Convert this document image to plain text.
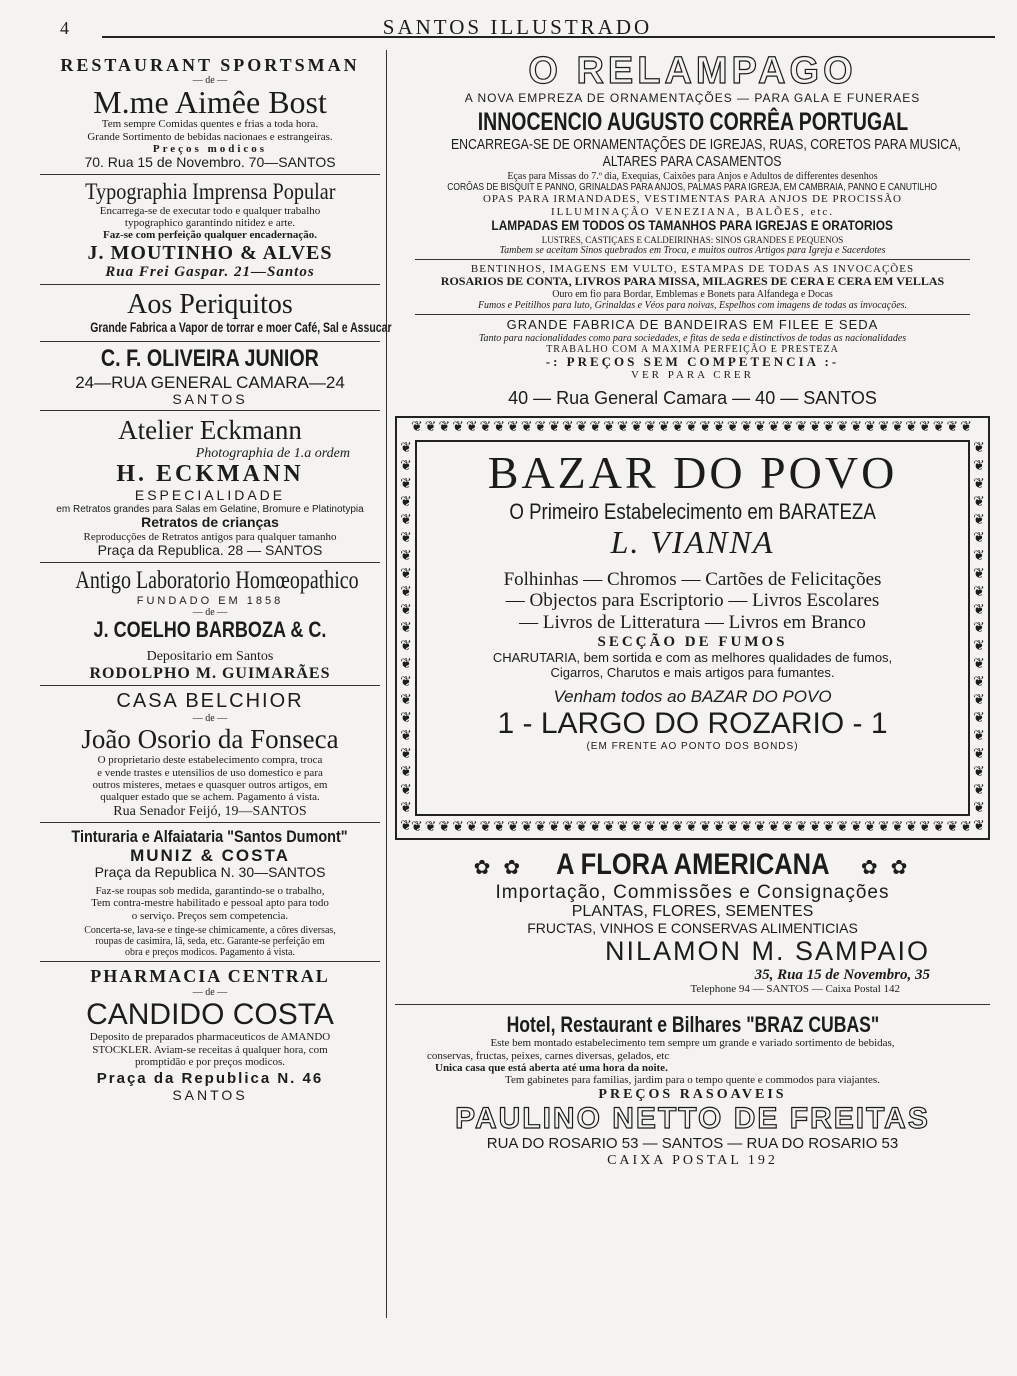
4	SANTOS ILLUSTRADO
RESTAURANT SPORTSMAN
— de —
M.me Aimêe Bost
Tem sempre Comidas quentes e frias a toda hora.
Grande Sortimento de bebidas nacionaes e estrangeiras.
Preços modicos
70. Rua 15 de Novembro. 70—SANTOS
Typographia Imprensa Popular
Encarrega-se de executar todo e qualquer trabalho
typographico garantindo nitidez e arte.
Faz-se com perfeição qualquer encadernação.
J. MOUTINHO & ALVES
Rua Frei Gaspar. 21—Santos
Aos Periquitos
Grande Fabrica a Vapor de torrar e moer Café, Sal e Assucar
C. F. OLIVEIRA JUNIOR
24—RUA GENERAL CAMARA—24
SANTOS
Atelier Eckmann
Photographia de 1.a ordem
H. ECKMANN
ESPECIALIDADE
em Retratos grandes para Salas em Gelatine, Bromure e Platinotypia
Retratos de crianças
Reproducções de Retratos antigos para qualquer tamanho
Praça da Republica. 28 — SANTOS
Antigo Laboratorio Homœopathico
FUNDADO EM 1858
— de —
J. COELHO BARBOZA & C.
Depositario em Santos
RODOLPHO M. GUIMARÃES
CASA BELCHIOR
— de —
João Osorio da Fonseca
O proprietario deste estabelecimento compra, troca
e vende trastes e utensilios de uso domestico e para
outros misteres, metaes e quasquer outros artigos, em
qualquer estado que se achem. Pagamento á vista.
Rua Senador Feijó, 19—SANTOS
Tinturaria e Alfaiataria "Santos Dumont"
MUNIZ & COSTA
Praça da Republica N. 30—SANTOS
Faz-se roupas sob medida, garantindo-se o trabalho,
Tem contra-mestre habilitado e pessoal apto para todo
o serviço. Preços sem competencia.
Concerta-se, lava-se e tinge-se chimicamente, a côres diversas,
roupas de casimira, lã, seda, etc. Garante-se perfeição em
obra e preços modicos. Pagamento á vista.
PHARMACIA CENTRAL
— de —
CANDIDO COSTA
Deposito de preparados pharmaceuticos de AMANDO
STOCKLER. Aviam-se receitas á qualquer hora, com
promptidão e por preços modicos.
Praça da Republica N. 46
SANTOS
O RELAMPAGO
A NOVA EMPREZA DE ORNAMENTAÇÕES — PARA GALA E FUNERAES
INNOCENCIO AUGUSTO CORRÊA PORTUGAL
ENCARREGA-SE DE ORNAMENTAÇÕES DE IGREJAS, RUAS, CORETOS PARA MUSICA,
ALTARES PARA CASAMENTOS
Eças para Missas do 7.º dia, Exequias, Caixões para Anjos e Adultos de differentes desenhos
CORÔAS DE BISQUIT E PANNO, GRINALDAS PARA ANJOS, PALMAS PARA IGREJA, EM CAMBRAIA, PANNO E CANUTILHO
OPAS PARA IRMANDADES, VESTIMENTAS PARA ANJOS DE PROCISSÃO
ILLUMINAÇÃO VENEZIANA, BALÕES, etc.
LAMPADAS EM TODOS OS TAMANHOS PARA IGREJAS E ORATORIOS
LUSTRES, CASTIÇAES E CALDEIRINHAS: SINOS GRANDES E PEQUENOS
Tambem se aceitam Sinos quebrados em Troca, e muitos outros Artigos para Igreja e Sacerdotes
BENTINHOS, IMAGENS EM VULTO, ESTAMPAS DE TODAS AS INVOCAÇÕES
ROSARIOS DE CONTA, LIVROS PARA MISSA, MILAGRES DE CERA E CERA EM VELLAS
Ouro em fio para Bordar, Emblemas e Bonets para Alfandega e Docas
Fumos e Peitilhos para luto, Grinaldas e Véos para noivas, Espelhos com imagens de todas as invocações.
GRANDE FABRICA DE BANDEIRAS EM FILEE E SEDA
Tanto para nacionalidades como para sociedades, e fitas de seda e distinctivos de todas as nacionalidades
TRABALHO COM A MAXIMA PERFEIÇÃO E PRESTEZA
-: PREÇOS SEM COMPETENCIA :-
VER PARA CRER
40 — Rua General Camara — 40 — SANTOS
❦❦❦❦❦❦❦❦❦❦❦❦❦❦❦❦❦❦❦❦❦❦❦❦❦❦❦❦❦❦❦❦❦❦❦❦❦❦❦❦❦
❦❦❦❦❦❦❦❦❦❦❦❦❦❦❦❦❦❦❦❦❦❦❦❦❦❦❦❦❦❦❦❦❦❦❦❦❦❦❦❦❦
❦❦❦❦❦❦❦❦❦❦❦❦❦❦❦❦❦❦❦❦❦❦
❦❦❦❦❦❦❦❦❦❦❦❦❦❦❦❦❦❦❦❦❦❦
BAZAR DO POVO
O Primeiro Estabelecimento em BARATEZA
L. VIANNA
Folhinhas — Chromos — Cartões de Felicitações
— Objectos para Escriptorio — Livros Escolares
— Livros de Litteratura — Livros em Branco
SECÇÃO DE FUMOS
CHARUTARIA, bem sortida e com as melhores qualidades de fumos,
Cigarros, Charutos e mais artigos para fumantes.
Venham todos ao BAZAR DO POVO
1 - LARGO DO ROZARIO - 1
(EM FRENTE AO PONTO DOS BONDS)
✿ ✿ A FLORA AMERICANA ✿ ✿
Importação, Commissões e Consignações
PLANTAS, FLORES, SEMENTES
FRUCTAS, VINHOS E CONSERVAS ALIMENTICIAS
NILAMON M. SAMPAIO
35, Rua 15 de Novembro, 35
Telephone 94 — SANTOS — Caixa Postal 142
Hotel, Restaurant e Bilhares "BRAZ CUBAS"
Este bem montado estabelecimento tem sempre um grande e variado sortimento de bebidas,
conservas, fructas, peixes, carnes diversas, gelados, etc
Unica casa que está aberta até uma hora da noite.
Tem gabinetes para familias, jardim para o tempo quente e commodos para viajantes.
PREÇOS RASOAVEIS
PAULINO NETTO DE FREITAS
RUA DO ROSARIO 53 — SANTOS — RUA DO ROSARIO 53
CAIXA POSTAL 192
